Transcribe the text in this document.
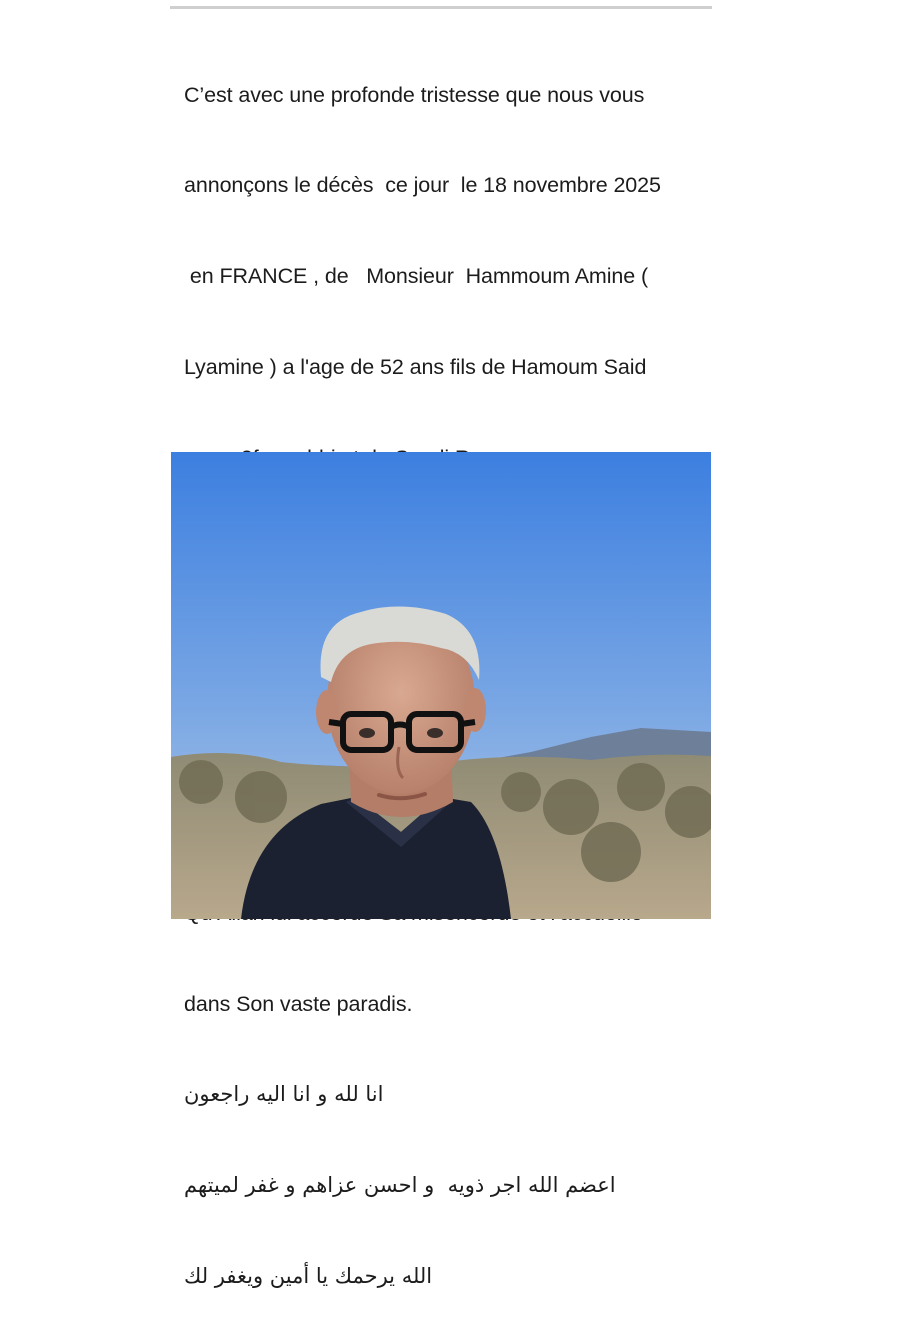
C’est avec une profonde tristesse que nous vous

annonçons le décès  ce jour  le 18 novembre 2025

en FRANCE , de   Monsieur  Hammoum Amine (

Lyamine ) a l'age de 52 ans fils de Hamoum Said

dans Son vaste paradis.

انا لله و انا اليه راجعون

اعضم الله اجر ذويه  و احسن عزاهم و غفر لميتهم

الله يرحمك يا أمين ويغفر لك
